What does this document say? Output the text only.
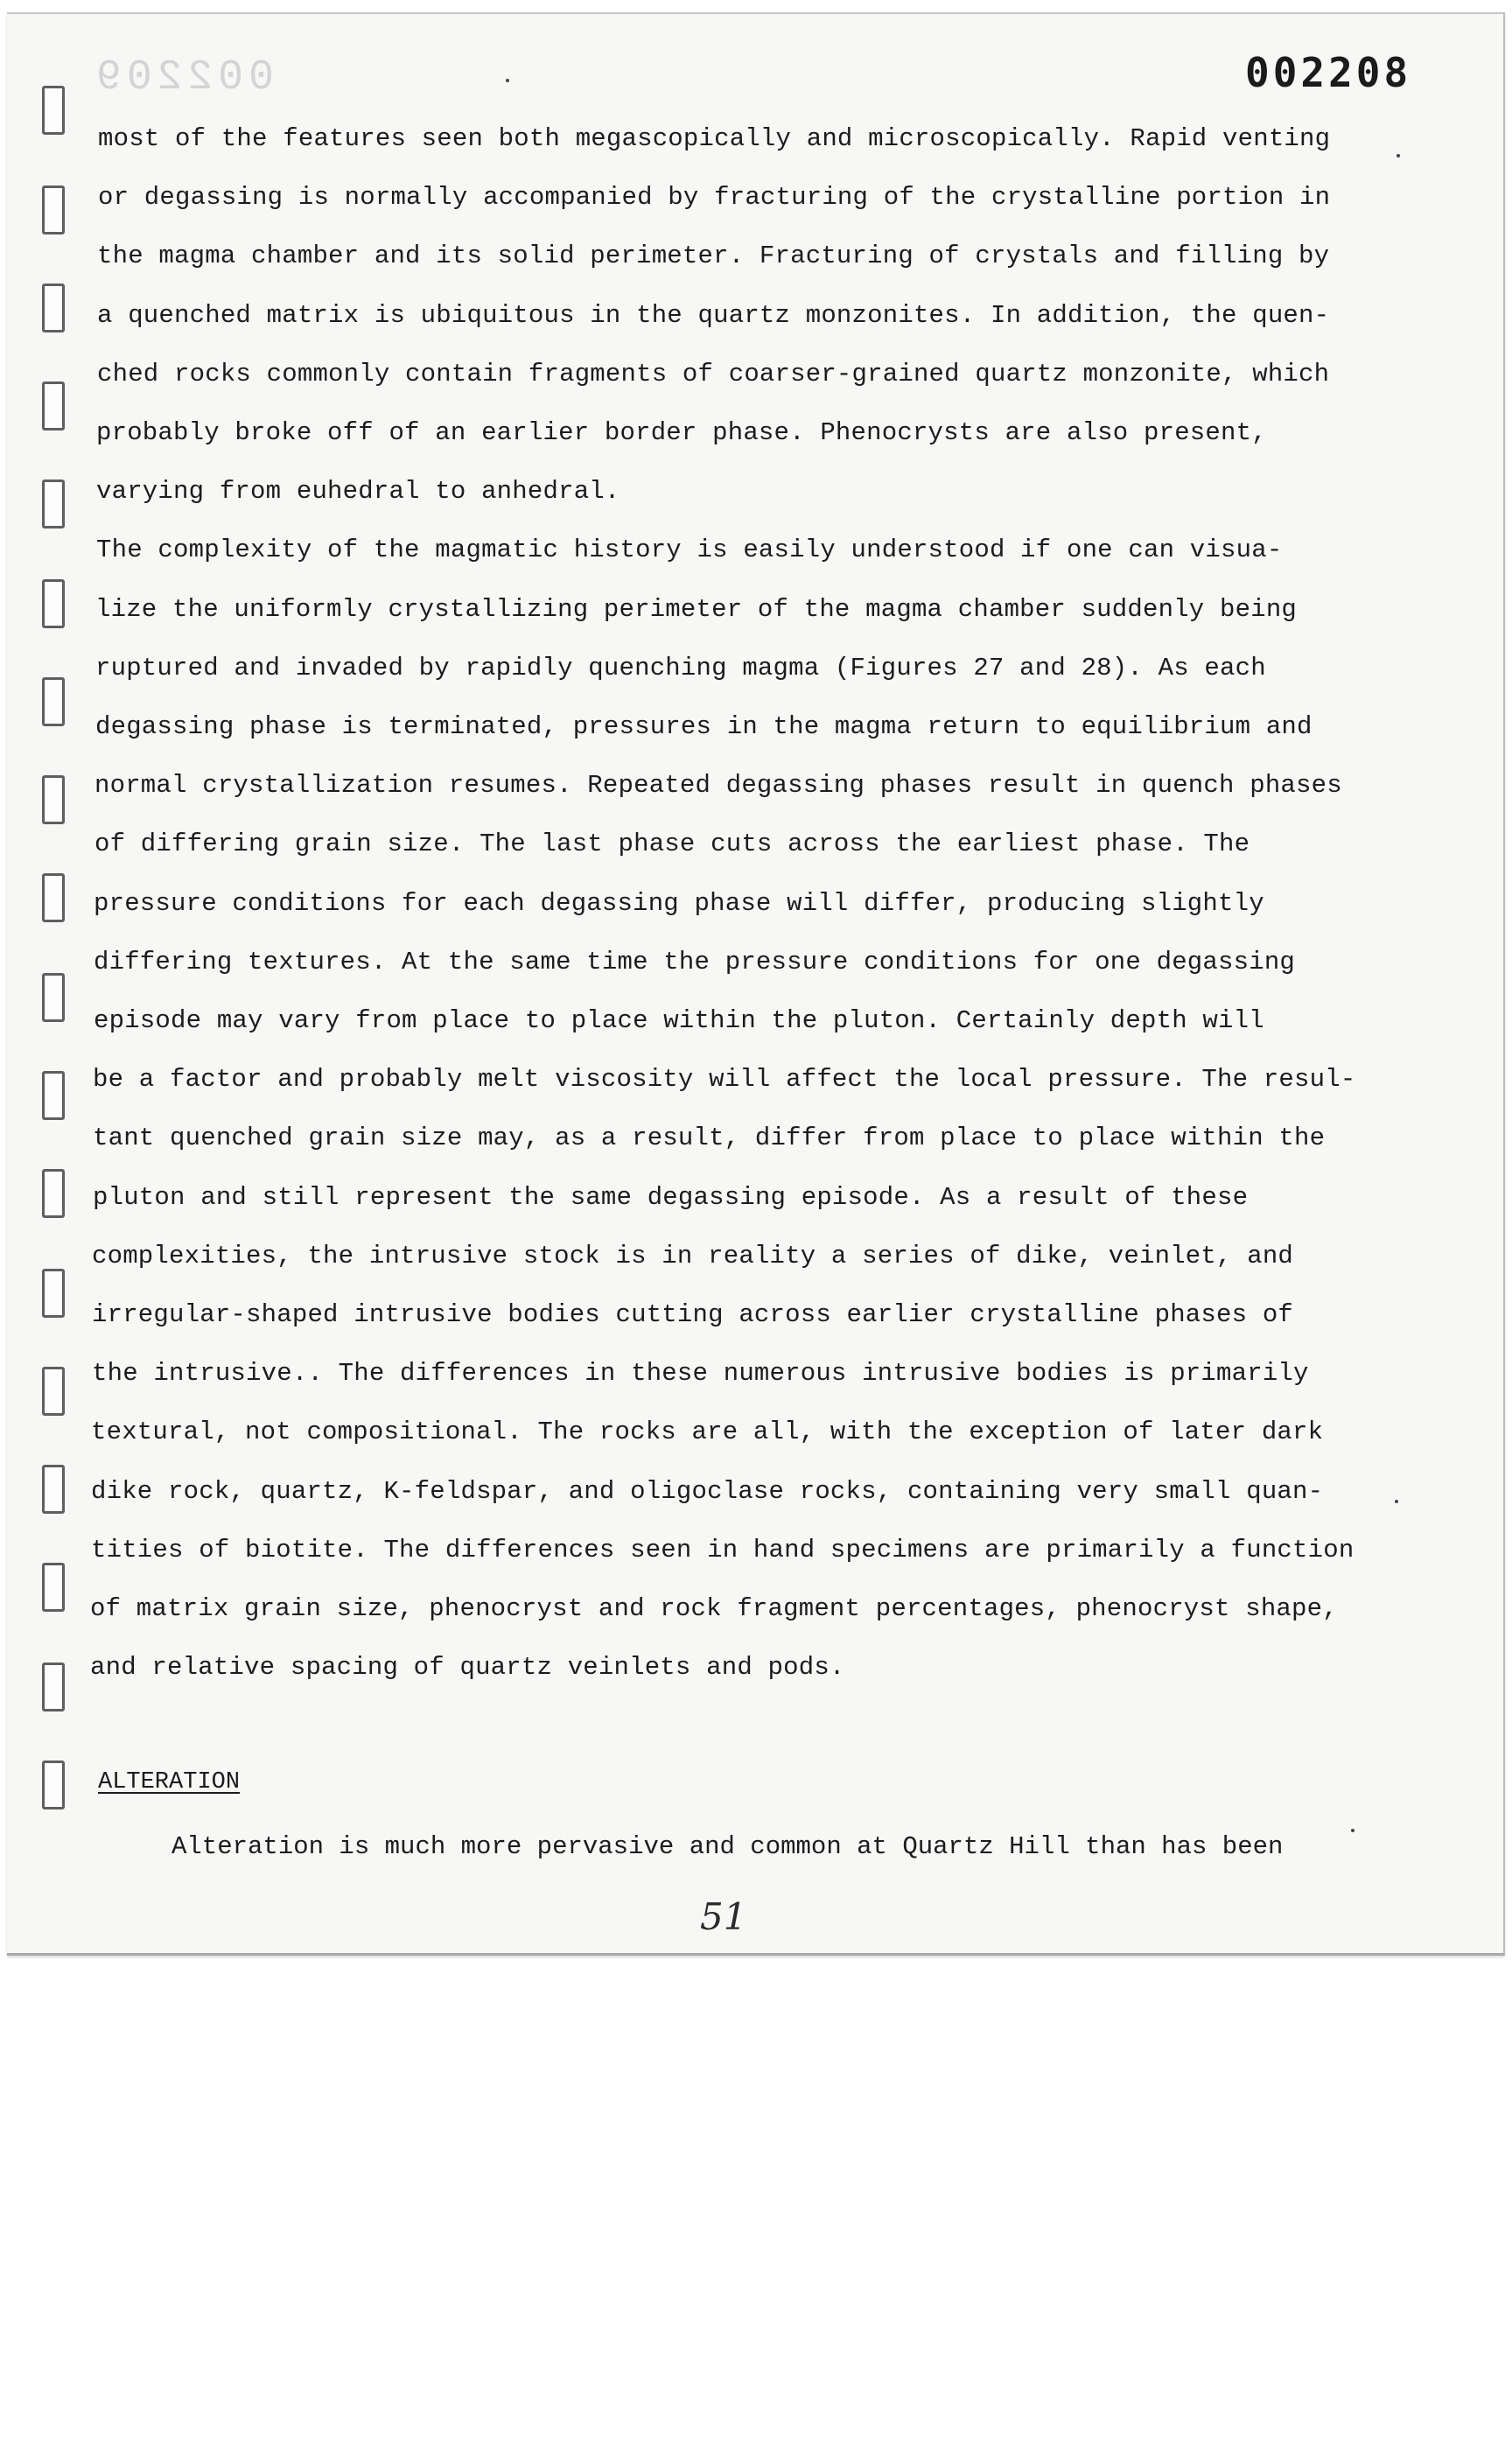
002209	002208
most of the features seen both megascopically and microscopically. Rapid venting
or degassing is normally accompanied by fracturing of the crystalline portion in
the magma chamber and its solid perimeter. Fracturing of crystals and filling by
a quenched matrix is ubiquitous in the quartz monzonites. In addition, the quen-
ched rocks commonly contain fragments of coarser-grained quartz monzonite, which
probably broke off of an earlier border phase. Phenocrysts are also present,
varying from euhedral to anhedral.
The complexity of the magmatic history is easily understood if one can visua-
lize the uniformly crystallizing perimeter of the magma chamber suddenly being
ruptured and invaded by rapidly quenching magma (Figures 27 and 28). As each
degassing phase is terminated, pressures in the magma return to equilibrium and
normal crystallization resumes. Repeated degassing phases result in quench phases
of differing grain size. The last phase cuts across the earliest phase. The
pressure conditions for each degassing phase will differ, producing slightly
differing textures. At the same time the pressure conditions for one degassing
episode may vary from place to place within the pluton. Certainly depth will
be a factor and probably melt viscosity will affect the local pressure. The resul-
tant quenched grain size may, as a result, differ from place to place within the
pluton and still represent the same degassing episode. As a result of these
complexities, the intrusive stock is in reality a series of dike, veinlet, and
irregular-shaped intrusive bodies cutting across earlier crystalline phases of
the intrusive.. The differences in these numerous intrusive bodies is primarily
textural, not compositional. The rocks are all, with the exception of later dark
dike rock, quartz, K-feldspar, and oligoclase rocks, containing very small quan-
tities of biotite. The differences seen in hand specimens are primarily a function
of matrix grain size, phenocryst and rock fragment percentages, phenocryst shape,
and relative spacing of quartz veinlets and pods.
ALTERATION
Alteration is much more pervasive and common at Quartz Hill than has been
51
